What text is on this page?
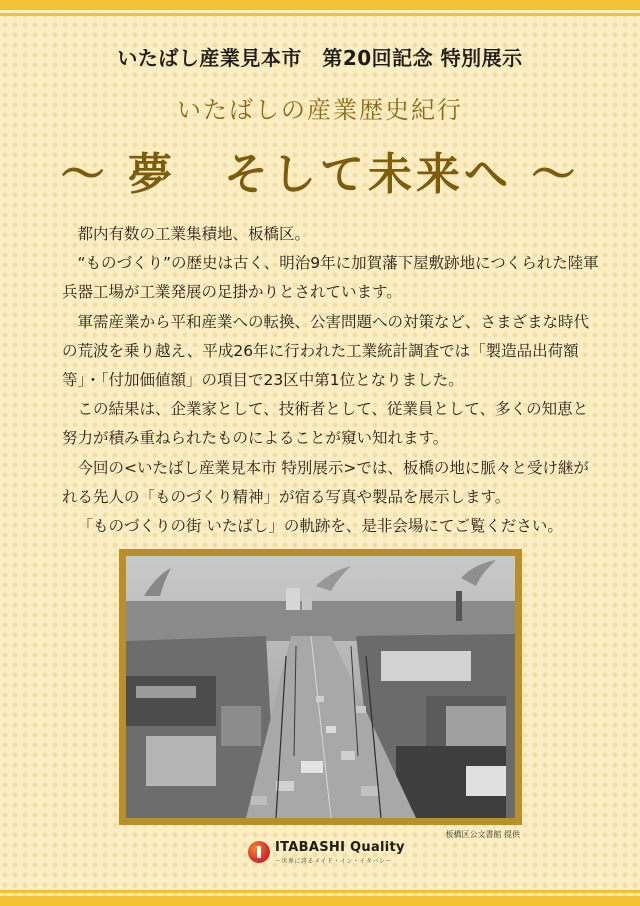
いたばし産業見本市　第20回記念 特別展示
いたばしの産業歴史紀行
～ 夢　そして未来へ ～

都内有数の工業集積地、板橋区。

“ものづくり”の歴史は古く、明治9年に加賀藩下屋敷跡地につくられた陸軍兵器工場が工業発展の足掛かりとされています。

軍需産業から平和産業への転換、公害問題への対策など、さまざまな時代の荒波を乗り越え、平成26年に行われた工業統計調査では「製造品出荷額等」・「付加価値額」の項目で23区中第1位となりました。

この結果は、企業家として、技術者として、従業員として、多くの知恵と努力が積み重ねられたものによることが窺い知れます。

今回の<いたばし産業見本市 特別展示>では、板橋の地に脈々と受け継がれる先人の「ものづくり精神」が宿る写真や製品を展示します。

「ものづくりの街 いたばし」の軌跡を、是非会場にてご覧ください。

板橋区公文書館 提供
ITABASHI Quality
～世界に誇るメイド・イン・イタバシ～
